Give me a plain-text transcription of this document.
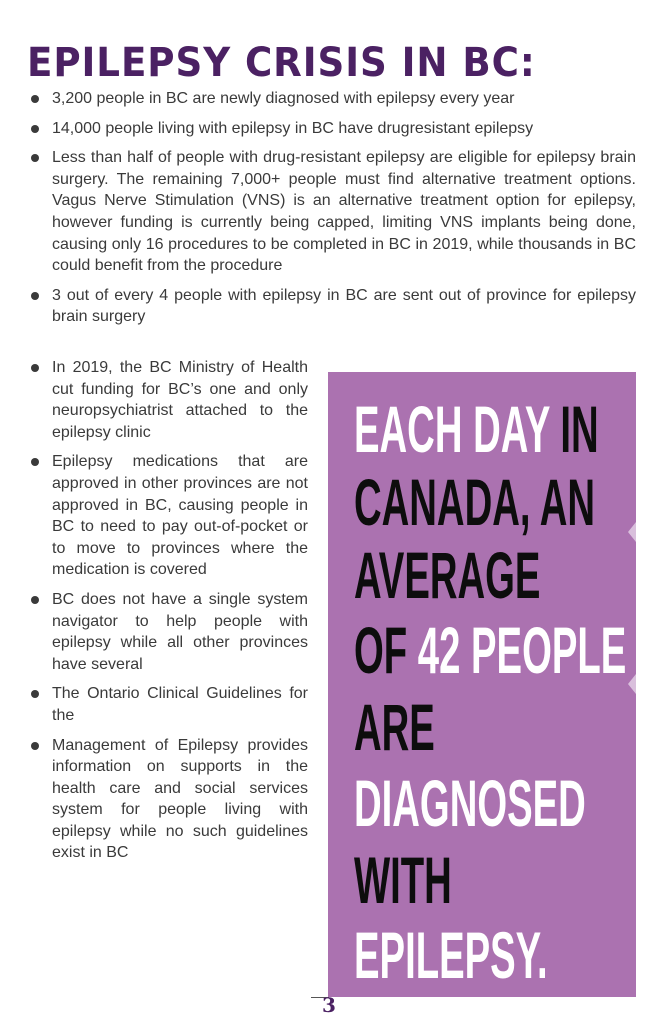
EPILEPSY CRISIS IN BC:
3,200 people in BC are newly diagnosed with epilepsy every year
14,000 people living with epilepsy in BC have drugresistant epilepsy
Less than half of people with drug-resistant epilepsy are eligible for epilepsy brain surgery. The remaining 7,000+ people must find alternative treatment options. Vagus Nerve Stimulation (VNS) is an alternative treatment option for epilepsy, however funding is currently being capped, limiting VNS implants being done, causing only 16 procedures to be completed in BC in 2019, while thousands in BC could benefit from the procedure
3 out of every 4 people with epilepsy in BC are sent out of province for epilepsy brain surgery
In 2019, the BC Ministry of Health cut funding for BC’s one and only neuropsychiatrist attached to the epilepsy clinic
Epilepsy medications that are approved in other provinces are not approved in BC, causing people in BC to need to pay out-of-pocket or to move to provinces where the medication is covered
BC does not have a single system navigator to help people with epilepsy while all other provinces have several
The Ontario Clinical Guidelines for the
Management of Epilepsy provides information on supports in the health care and social services system for people living with epilepsy while no such guidelines exist in BC
EACH DAY IN
CANADA, AN
AVERAGE
OF 42 PEOPLE
ARE
DIAGNOSED
WITH
EPILEPSY.
3
